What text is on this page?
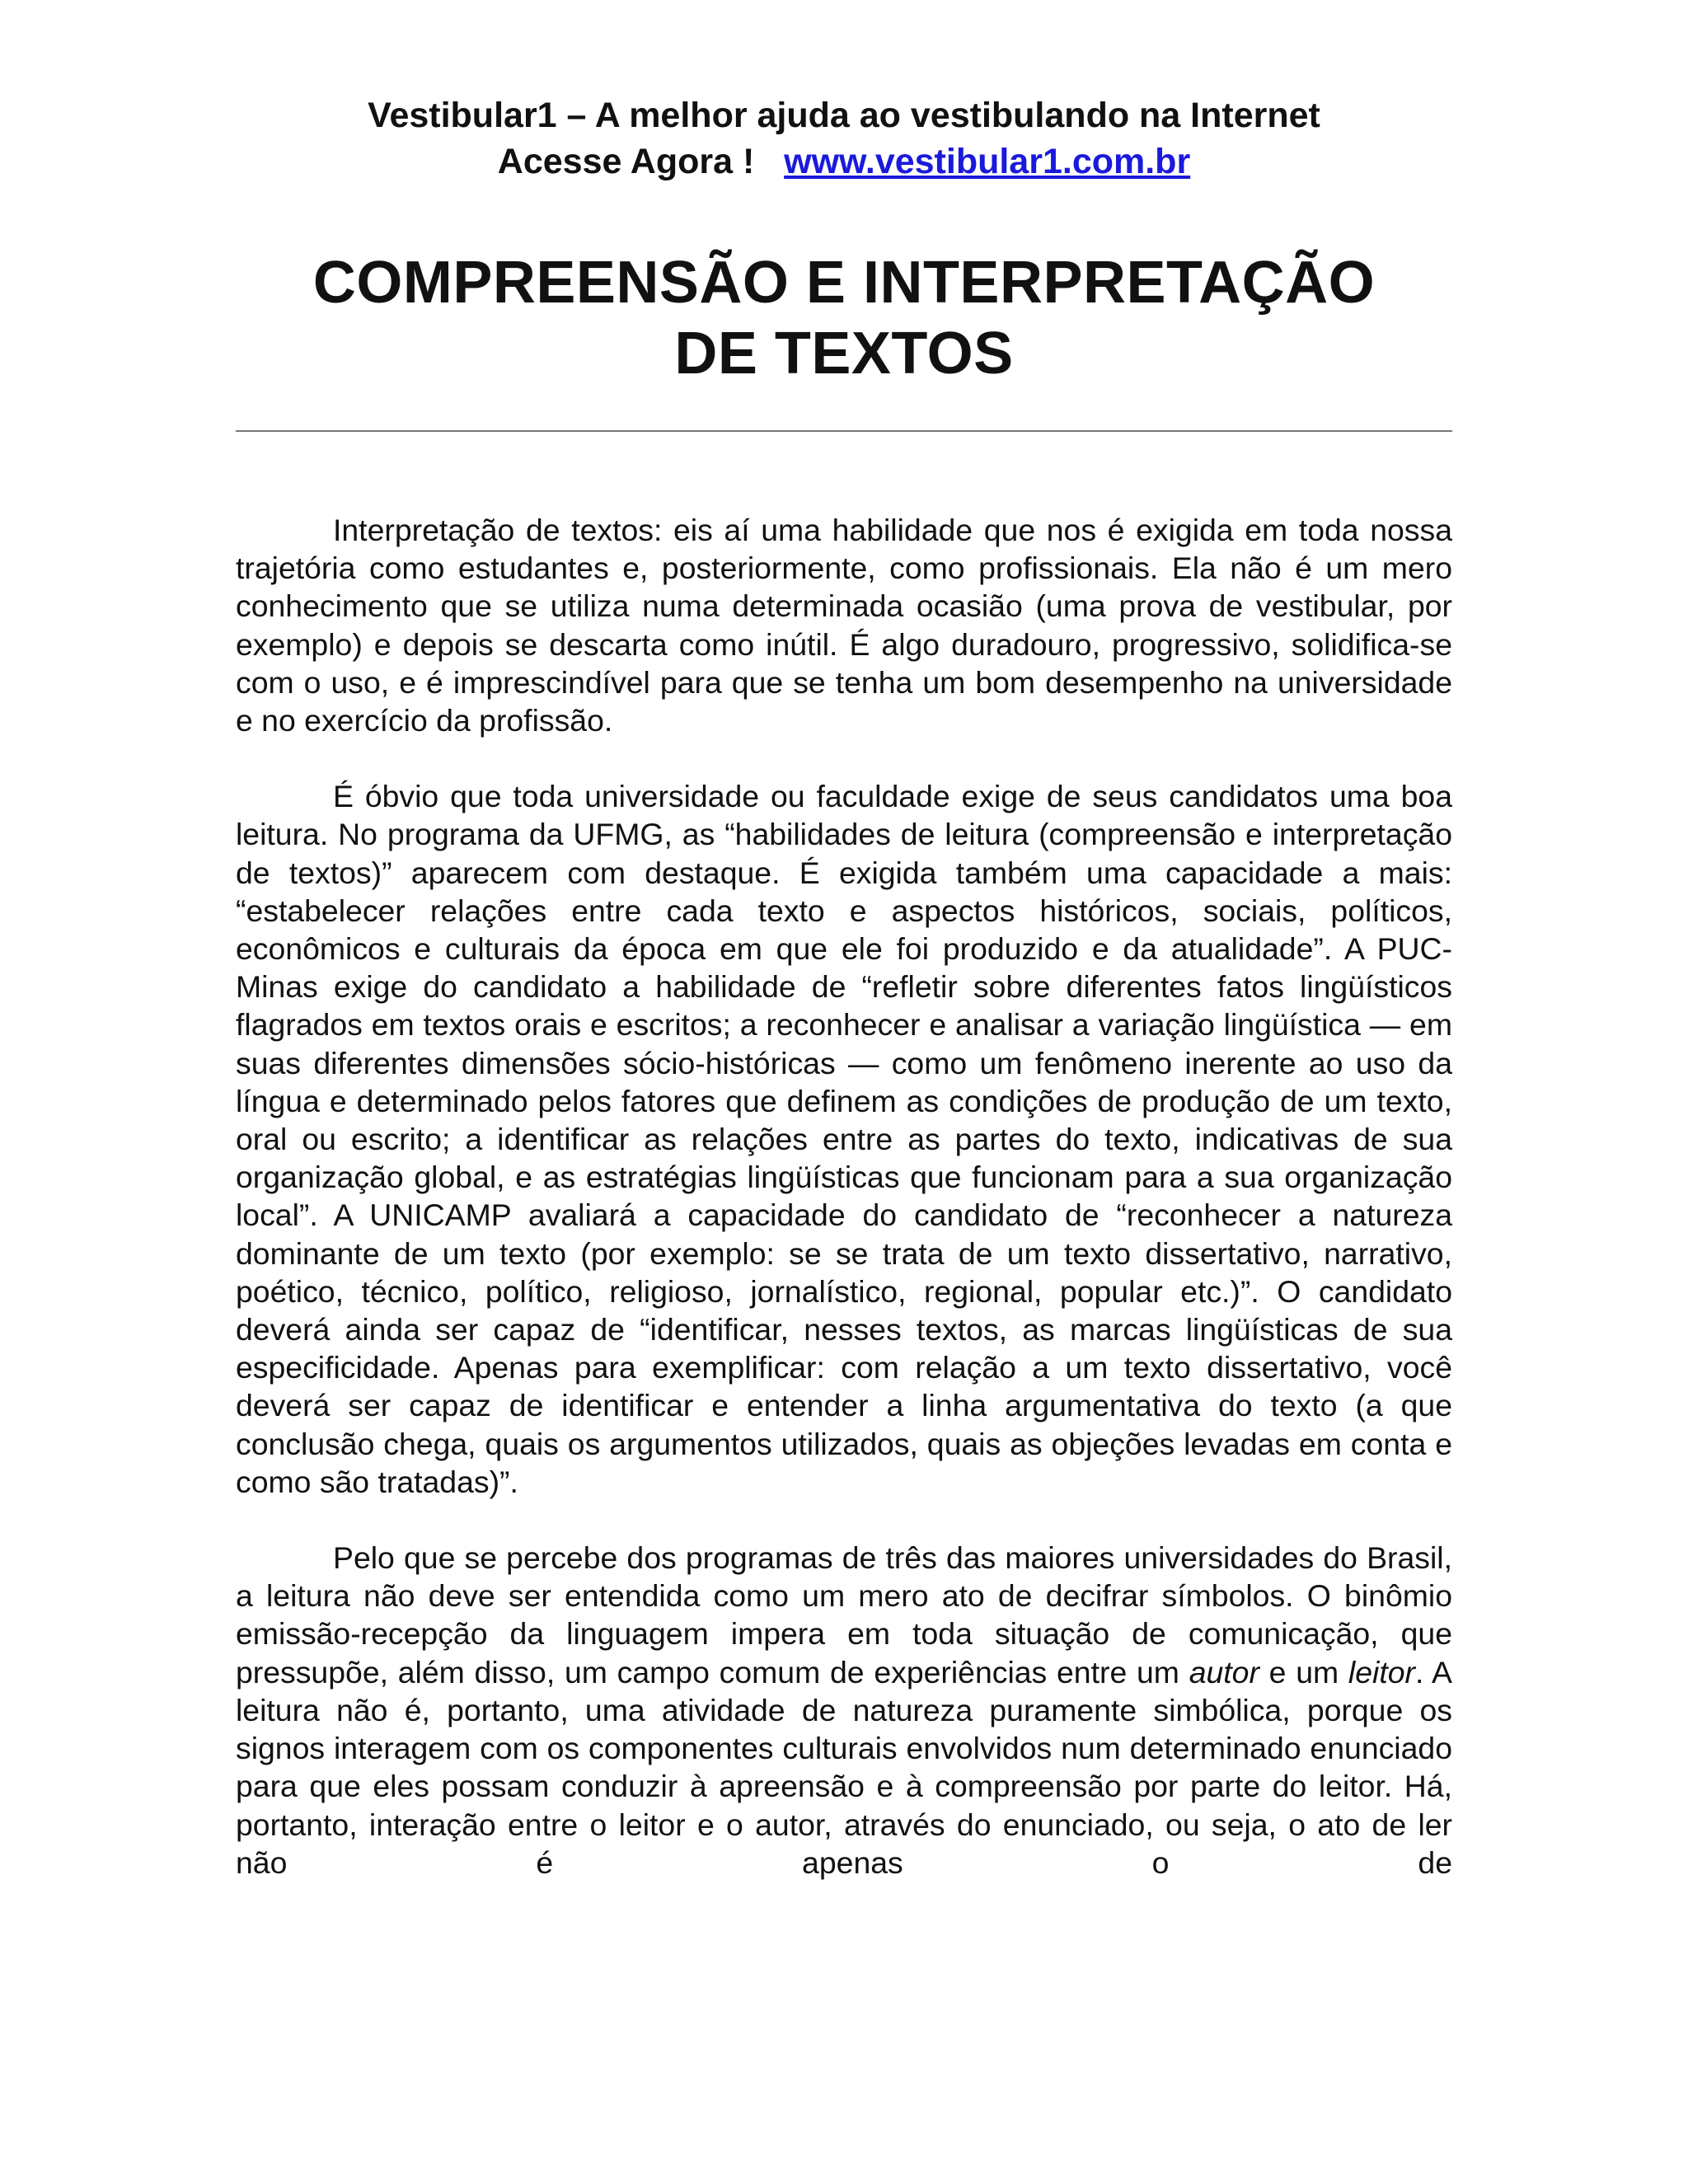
Vestibular1 – A melhor ajuda ao vestibulando na Internet
Acesse Agora !   www.vestibular1.com.br
COMPREENSÃO E INTERPRETAÇÃO
DE TEXTOS

Interpretação de textos: eis aí uma habilidade que nos é exigida em toda nossa trajetória como estudantes e, posteriormente, como profissionais. Ela não é um mero conhecimento que se utiliza numa determinada ocasião (uma prova de vestibular, por exemplo) e depois se descarta como inútil. É algo duradouro, progressivo, solidifica-se com o uso, e é imprescindível para que se tenha um bom desempenho na universidade e no exercício da profissão.

É óbvio que toda universidade ou faculdade exige de seus candidatos uma boa leitura. No programa da UFMG, as “habilidades de leitura (compreensão e interpretação de textos)” aparecem com destaque. É exigida também uma capacidade a mais: “estabelecer relações entre cada texto e aspectos históricos, sociais, políticos, econômicos e culturais da época em que ele foi produzido e da atualidade”. A PUC-Minas exige do candidato a habilidade de “refletir sobre diferentes fatos lingüísticos flagrados em textos orais e escritos; a reconhecer e analisar a variação lingüística — em suas diferentes dimensões sócio-históricas — como um fenômeno inerente ao uso da língua e determinado pelos fatores que definem as condições de produção de um texto, oral ou escrito; a identificar as relações entre as partes do texto, indicativas de sua organização global, e as estratégias lingüísticas que funcionam para a sua organização local”. A UNICAMP avaliará a capacidade do candidato de “reconhecer a natureza dominante de um texto (por exemplo: se se trata de um texto dissertativo, narrativo, poético, técnico, político, religioso, jornalístico, regional, popular etc.)”. O candidato deverá ainda ser capaz de “identificar, nesses textos, as marcas lingüísticas de sua especificidade. Apenas para exemplificar: com relação a um texto dissertativo, você deverá ser capaz de identificar e entender a linha argumentativa do texto (a que conclusão chega, quais os argumentos utilizados, quais as objeções levadas em conta e como são tratadas)”.

Pelo que se percebe dos programas de três das maiores universidades do Brasil, a leitura não deve ser entendida como um mero ato de decifrar símbolos. O binômio emissão-recepção da linguagem impera em toda situação de comunicação, que pressupõe, além disso, um campo comum de experiências entre um autor e um leitor. A leitura não é, portanto, uma atividade de natureza puramente simbólica, porque os signos interagem com os componentes culturais envolvidos num determinado enunciado para que eles possam conduzir à apreensão e à compreensão por parte do leitor. Há, portanto, interação entre o leitor e o autor, através do enunciado, ou seja, o ato de ler não é apenas o de
